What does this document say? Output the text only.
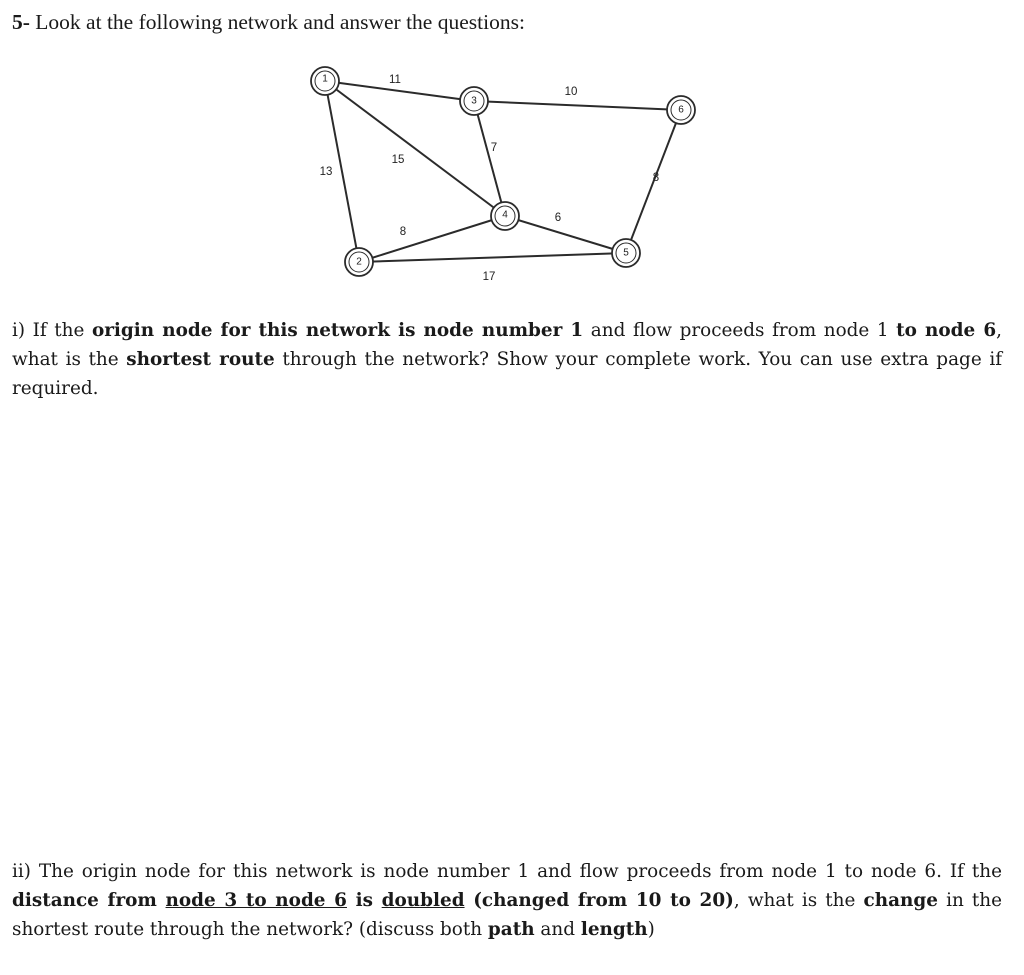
5- Look at the following network and answer the questions:
11
15
13
10
7
8
6
17
8
1
2
3
4
5
6
i) If the origin node for this network is node number 1 and flow proceeds from node 1 to node 6, what is the shortest route through the network? Show your complete work. You can use extra page if required.
ii) The origin node for this network is node number 1 and flow proceeds from node 1 to node 6. If the distance from node 3 to node 6 is doubled (changed from 10 to 20), what is the change in the shortest route through the network? (discuss both path and length)
